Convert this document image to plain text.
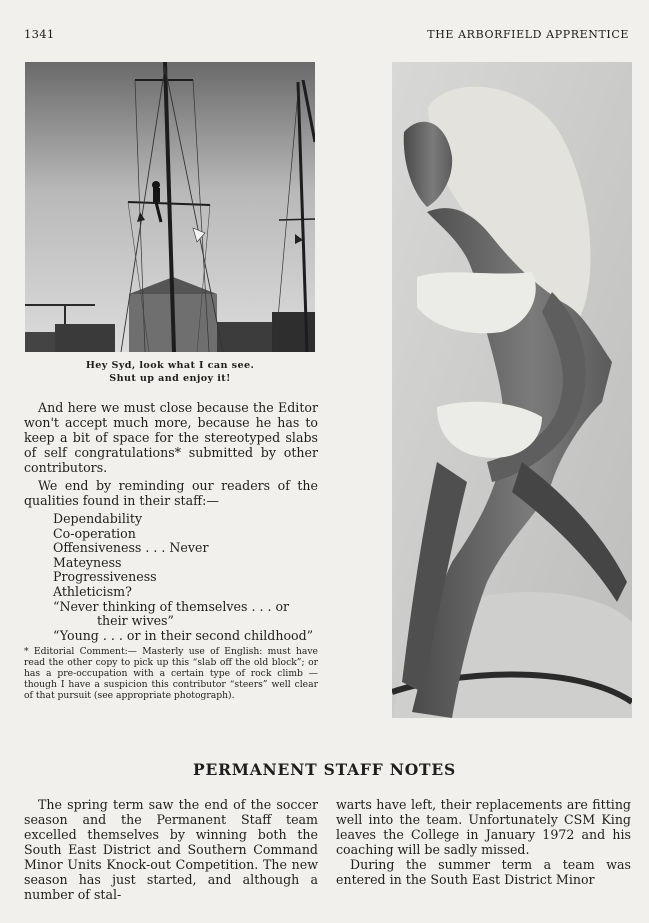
1341	THE ARBORFIELD APPRENTICE
Hey Syd, look what I can see.
Shut up and enjoy it!

And here we must close because the Editor won't accept much more, because he has to keep a bit of space for the stereotyped slabs of self congratulations* submitted by other contributors.

We end by reminding our readers of the qualities found in their staff:—

Dependability
Co-operation
Offensiveness . . . Never
Mateyness
Progressiveness
Athleticism?
“Never thinking of themselves . . . or
their wives”
“Young . . . or in their second childhood”

* Editorial Comment:— Masterly use of English: must have read the other copy to pick up this “slab off the old block”; or has a pre-occupation with a certain type of rock climb — though I have a suspicion this contributor “steers” well clear of that pursuit (see appropriate photograph).

PERMANENT STAFF NOTES

The spring term saw the end of the soccer season and the Permanent Staff team excelled themselves by winning both the South East District and Southern Command Minor Units Knock-out Competition. The new season has just started, and although a number of stal-

warts have left, their replacements are fitting well into the team. Unfortunately CSM King leaves the College in January 1972 and his coaching will be sadly missed.

During the summer term a team was entered in the South East District Minor
